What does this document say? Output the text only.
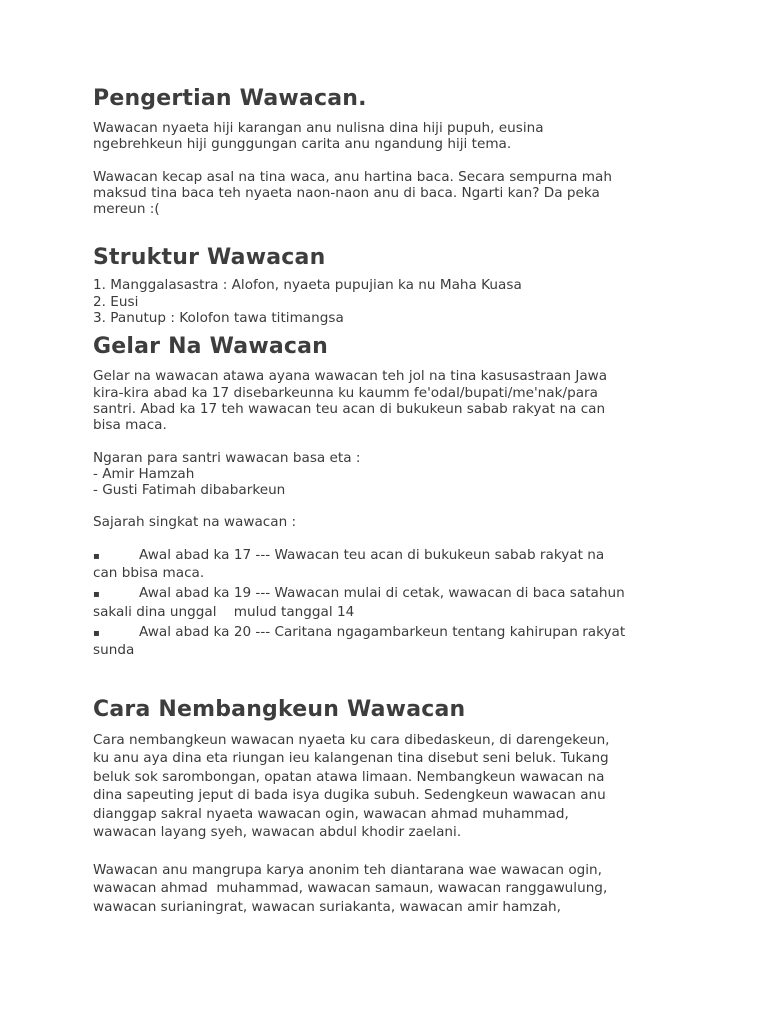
Pengertian Wawacan.
Wawacan nyaeta hiji karangan anu nulisna dina hiji pupuh, eusina
ngebrehkeun hiji gunggungan carita anu ngandung hiji tema.
Wawacan kecap asal na tina waca, anu hartina baca. Secara sempurna mah
maksud tina baca teh nyaeta naon-naon anu di baca. Ngarti kan? Da peka
mereun :(
Struktur Wawacan
1. Manggalasastra : Alofon, nyaeta pupujian ka nu Maha Kuasa
2. Eusi
3. Panutup : Kolofon tawa titimangsa
Gelar Na Wawacan
Gelar na wawacan atawa ayana wawacan teh jol na tina kasusastraan Jawa
kira-kira abad ka 17 disebarkeunna ku kaumm fe'odal/bupati/me'nak/para
santri. Abad ka 17 teh wawacan teu acan di bukukeun sabab rakyat na can
bisa maca.
Ngaran para santri wawacan basa eta :
- Amir Hamzah
- Gusti Fatimah dibabarkeun
Sajarah singkat na wawacan :
▪	Awal abad ka 17 --- Wawacan teu acan di bukukeun sabab rakyat na
can bbisa maca.
▪	Awal abad ka 19 --- Wawacan mulai di cetak, wawacan di baca satahun
sakali dina unggal    mulud tanggal 14
▪	Awal abad ka 20 --- Caritana ngagambarkeun tentang kahirupan rakyat
sunda
Cara Nembangkeun Wawacan
Cara nembangkeun wawacan nyaeta ku cara dibedaskeun, di darengekeun,
ku anu aya dina eta riungan ieu kalangenan tina disebut seni beluk. Tukang
beluk sok sarombongan, opatan atawa limaan. Nembangkeun wawacan na
dina sapeuting jeput di bada isya dugika subuh. Sedengkeun wawacan anu
dianggap sakral nyaeta wawacan ogin, wawacan ahmad muhammad,
wawacan layang syeh, wawacan abdul khodir zaelani.
Wawacan anu mangrupa karya anonim teh diantarana wae wawacan ogin,
wawacan ahmad  muhammad, wawacan samaun, wawacan ranggawulung,
wawacan surianingrat, wawacan suriakanta, wawacan amir hamzah,
